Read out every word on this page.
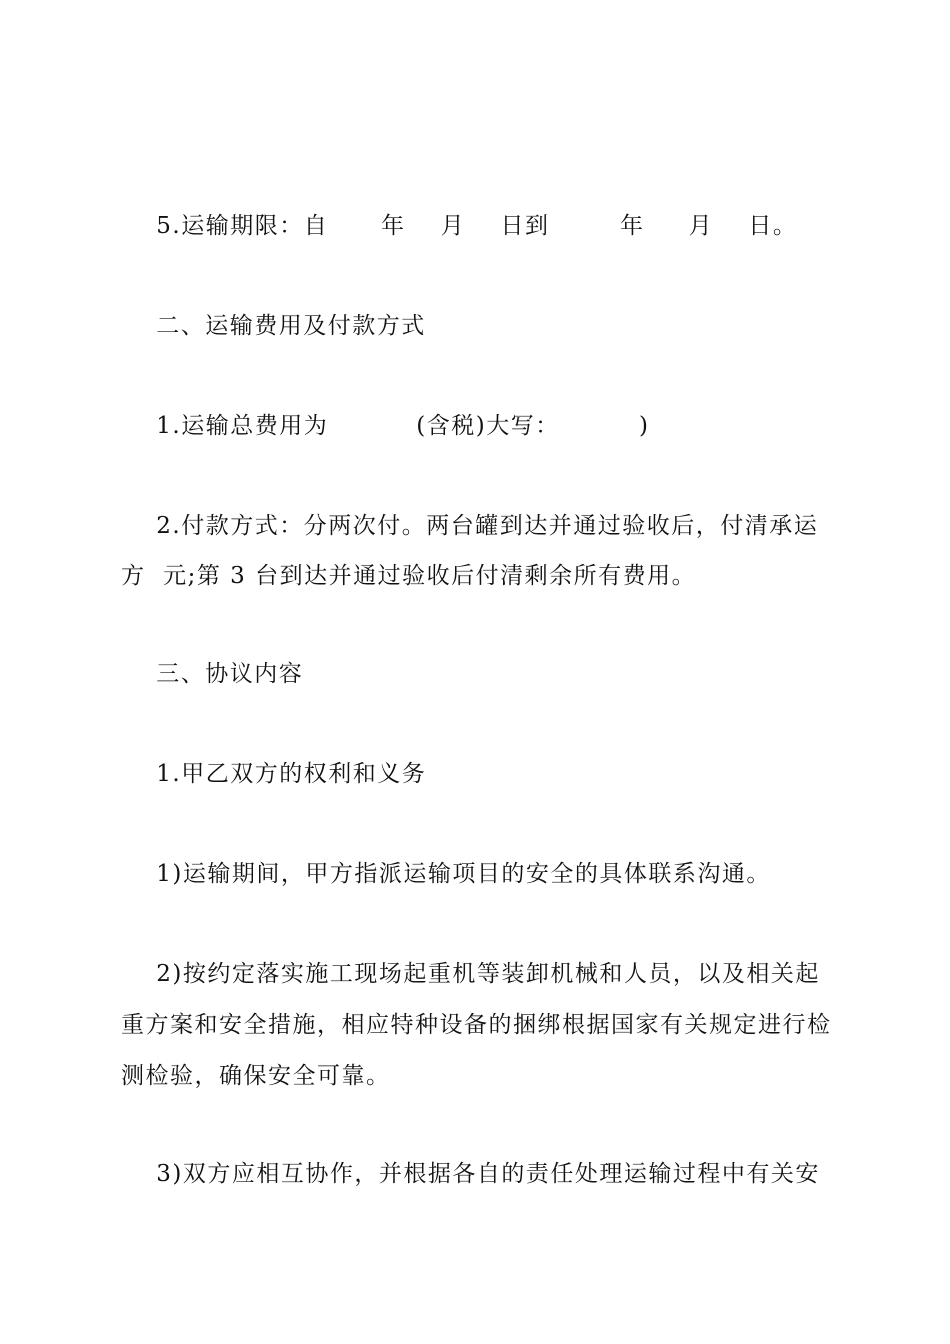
5.运输期限：自      年    月    日到        年     月    日。
二、运输费用及付款方式
1.运输总费用为          (含税)大写：         )
2.付款方式：分两次付。两台罐到达并通过验收后，付清承运
方  元;第 3 台到达并通过验收后付清剩余所有费用。
三、协议内容
1.甲乙双方的权利和义务
1)运输期间，甲方指派运输项目的安全的具体联系沟通。
2)按约定落实施工现场起重机等装卸机械和人员，以及相关起
重方案和安全措施，相应特种设备的捆绑根据国家有关规定进行检
测检验，确保安全可靠。
3)双方应相互协作，并根据各自的责任处理运输过程中有关安
